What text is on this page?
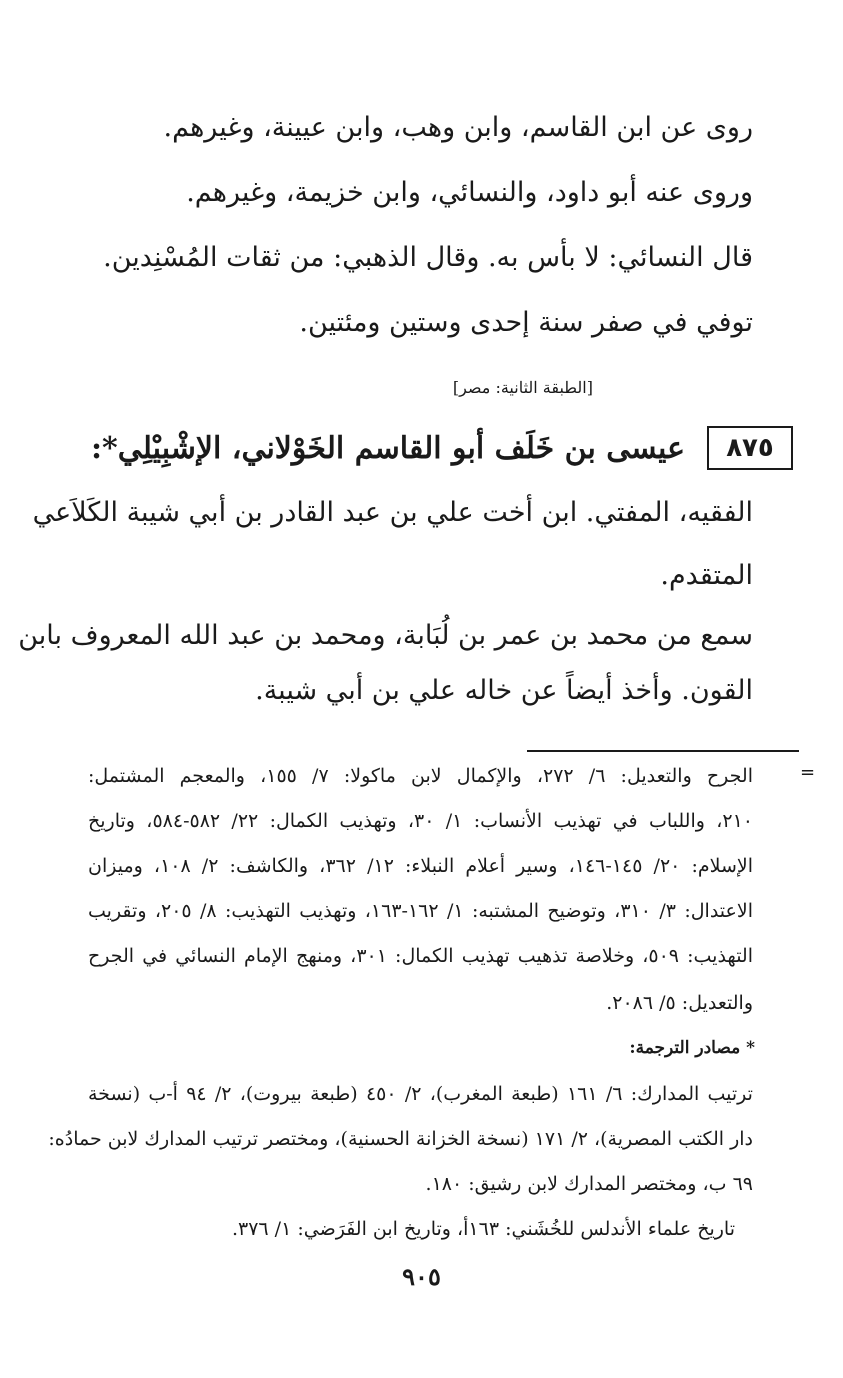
روى عن ابن القاسم، وابن وهب، وابن عيينة، وغيرهم.
وروى عنه أبو داود، والنسائي، وابن خزيمة، وغيرهم.
قال النسائي: لا بأس به. وقال الذهبي: من ثقات المُسْنِدين.
توفي في صفر سنة إحدى وستين ومئتين.
[الطبقة الثانية: مصر]
٨٧٥
عيسى بن خَلَف أبو القاسم الخَوْلاني، الإشْبِيْلِي*:
الفقيه، المفتي. ابن أخت علي بن عبد القادر بن أبي شيبة الكَلاَعي
المتقدم.
سمع من محمد بن عمر بن لُبَابة، ومحمد بن عبد الله المعروف بابن
القون. وأخذ أيضاً عن خاله علي بن أبي شيبة.
=
الجرح والتعديل: ٦/ ٢٧٢، والإكمال لابن ماكولا: ٧/ ١٥٥، والمعجم المشتمل:
٢١٠، واللباب في تهذيب الأنساب: ١/ ٣٠، وتهذيب الكمال: ٢٢/ ٥٨٢-٥٨٤، وتاريخ
الإسلام: ٢٠/ ١٤٥-١٤٦، وسير أعلام النبلاء: ١٢/ ٣٦٢، والكاشف: ٢/ ١٠٨، وميزان
الاعتدال: ٣/ ٣١٠، وتوضيح المشتبه: ١/ ١٦٢-١٦٣، وتهذيب التهذيب: ٨/ ٢٠٥، وتقريب
التهذيب: ٥٠٩، وخلاصة تذهيب تهذيب الكمال: ٣٠١، ومنهج الإمام النسائي في الجرح
والتعديل: ٥/ ٢٠٨٦.
* مصادر الترجمة:
ترتيب المدارك: ٦/ ١٦١ (طبعة المغرب)، ٢/ ٤٥٠ (طبعة بيروت)، ٢/ ٩٤ أ-ب (نسخة
دار الكتب المصرية)، ٢/ ١٧١ (نسخة الخزانة الحسنية)، ومختصر ترتيب المدارك لابن حمادُه:
٦٩ ب، ومختصر المدارك لابن رشيق: ١٨٠.
تاريخ علماء الأندلس للخُشَني: ١٦٣أ، وتاريخ ابن الفَرَضي: ١/ ٣٧٦.
٩٠٥
